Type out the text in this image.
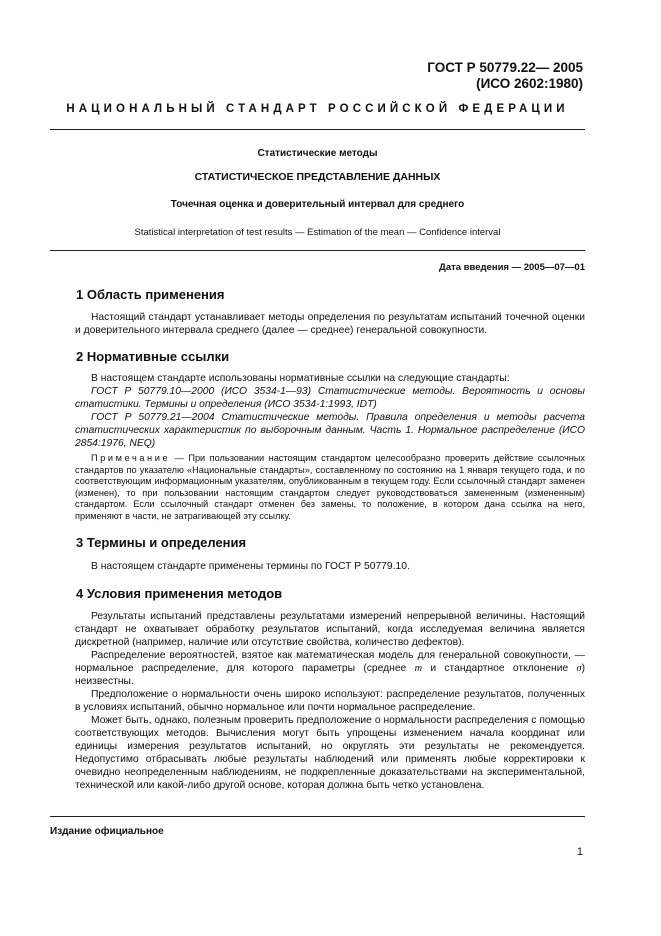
ГОСТ Р 50779.22— 2005
(ИСО 2602:1980)
НАЦИОНАЛЬНЫЙ СТАНДАРТ РОССИЙСКОЙ ФЕДЕРАЦИИ
Статистические методы
СТАТИСТИЧЕСКОЕ ПРЕДСТАВЛЕНИЕ ДАННЫХ
Точечная оценка и доверительный интервал для среднего
Statistical interpretation of test results — Estimation of the mean — Confidence interval
Дата введения — 2005—07—01
1 Область применения

Настоящий стандарт устанавливает методы определения по результатам испытаний точечной оценки и доверительного интервала среднего (далее — среднее) генеральной совокупности.

2 Нормативные ссылки

В настоящем стандарте использованы нормативные ссылки на следующие стандарты:

ГОСТ Р 50779.10—2000 (ИСО 3534-1—93) Статистические методы. Вероятность и основы статистики. Термины и определения (ИСО 3534-1:1993, IDT)

ГОСТ Р 50779.21—2004 Статистические методы. Правила определения и методы расчета статистических характеристик по выборочным данным. Часть 1. Нормальное распределение (ИСО 2854:1976, NEQ)

Примечание — При пользовании настоящим стандартом целесообразно проверить действие ссылочных стандартов по указателю «Национальные стандарты», составленному по состоянию на 1 января текущего года, и по соответствующим информационным указателям, опубликованным в текущем году. Если ссылочный стандарт заменен (изменен), то при пользовании настоящим стандартом следует руководствоваться замененным (измененным) стандартом. Если ссылочный стандарт отменен без замены, то положение, в котором дана ссылка на него, применяют в части, не затрагивающей эту ссылку.

3 Термины и определения

В настоящем стандарте применены термины по ГОСТ Р 50779.10.

4 Условия применения методов

Результаты испытаний представлены результатами измерений непрерывной величины. Настоящий стандарт не охватывает обработку результатов испытаний, когда исследуемая величина является дискретной (например, наличие или отсутствие свойства, количество дефектов).

Распределение вероятностей, взятое как математическая модель для генеральной совокупности, — нормальное распределение, для которого параметры (среднее m и стандартное отклонение σ) неизвестны.

Предположение о нормальности очень широко используют: распределение результатов, полученных в условиях испытаний, обычно нормальное или почти нормальное распределение.

Может быть, однако, полезным проверить предположение о нормальности распределения с помощью соответствующих методов. Вычисления могут быть упрощены изменением начала координат или единицы измерения результатов испытаний, но округлять эти результаты не рекомендуется. Недопустимо отбрасывать любые результаты наблюдений или применять любые корректировки к очевидно неопределенным наблюдениям, не подкрепленные доказательствами на экспериментальной, технической или какой-либо другой основе, которая должна быть четко установлена.

Издание официальное
1
